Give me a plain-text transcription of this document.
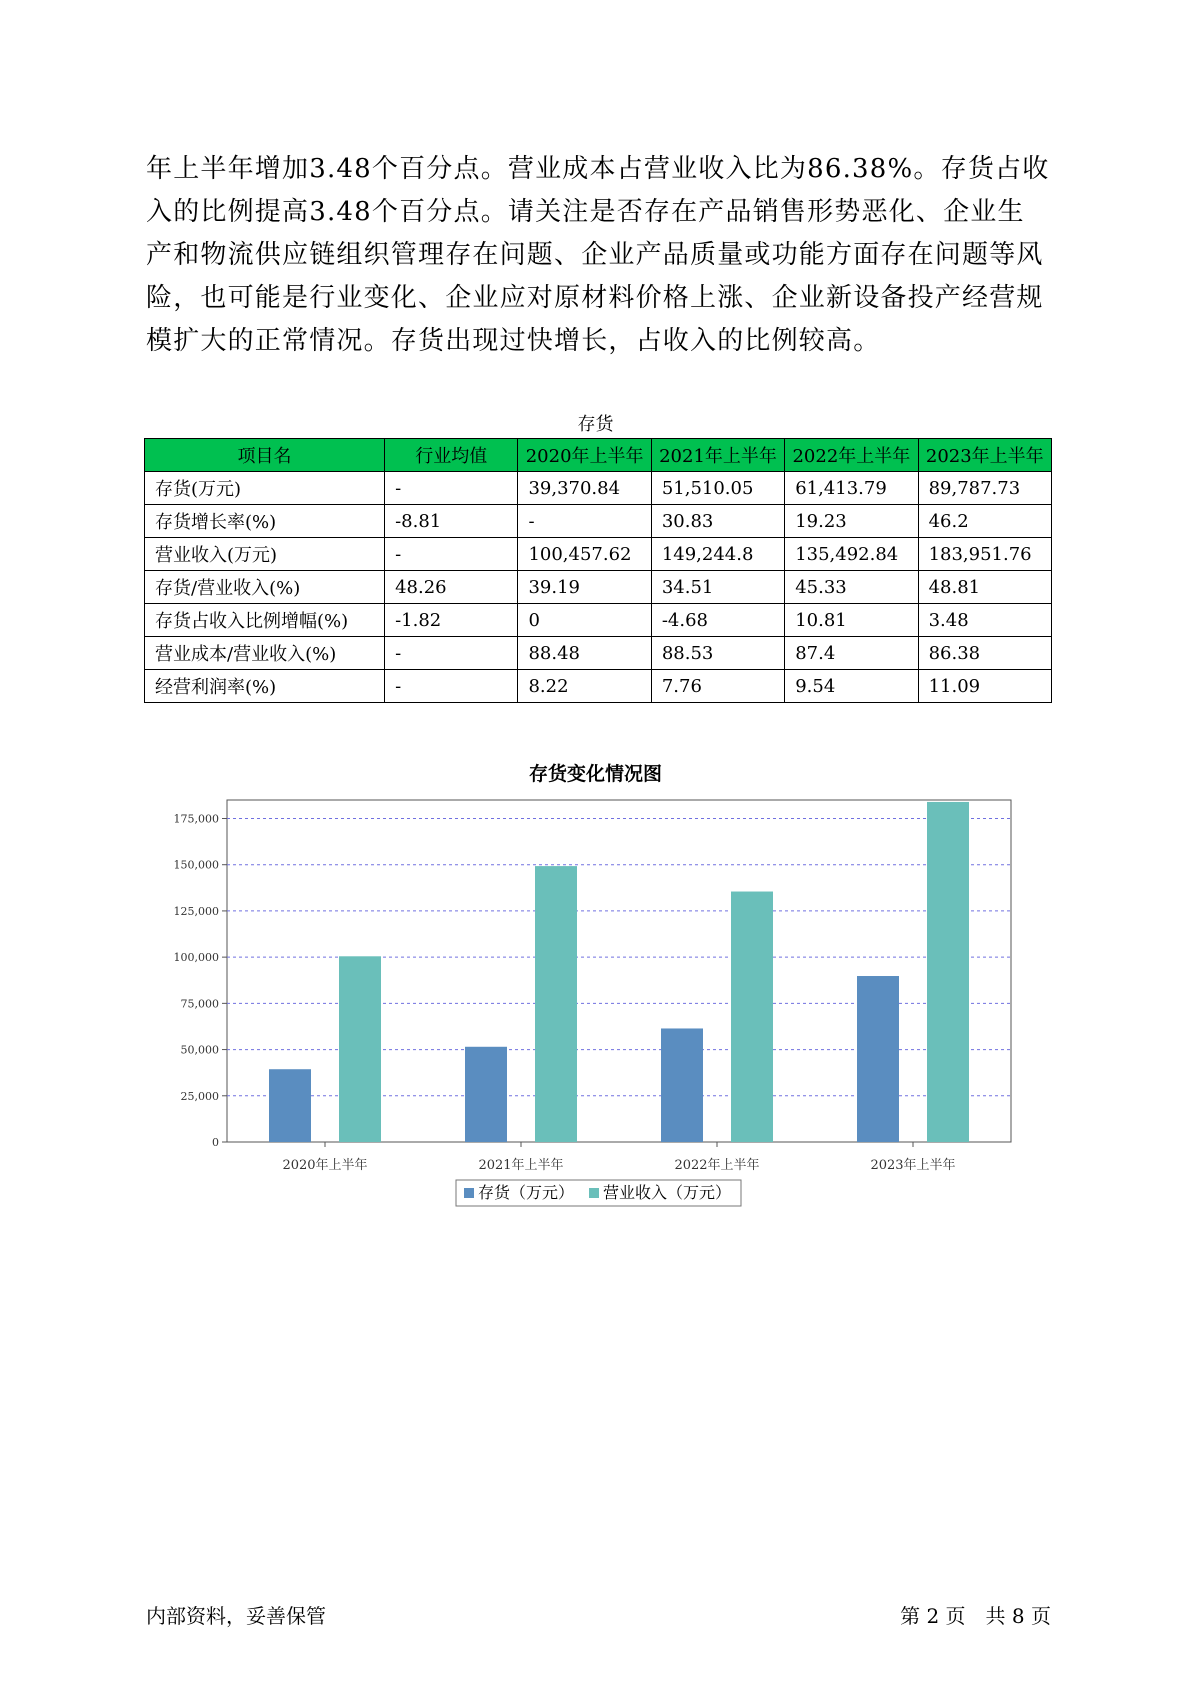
年上半年增加3.48个百分点。营业成本占营业收入比为86.38%。存货占收入的比例提高3.48个百分点。请关注是否存在产品销售形势恶化、企业生产和物流供应链组织管理存在问题、企业产品质量或功能方面存在问题等风险，也可能是行业变化、企业应对原材料价格上涨、企业新设备投产经营规模扩大的正常情况。存货出现过快增长，占收入的比例较高。

存货
项目名	行业均值	2020年上半年	2021年上半年	2022年上半年	2023年上半年
存货(万元)	-	39,370.84	51,510.05	61,413.79	89,787.73
存货增长率(%)	-8.81	-	30.83	19.23	46.2
营业收入(万元)	-	100,457.62	149,244.8	135,492.84	183,951.76
存货/营业收入(%)	48.26	39.19	34.51	45.33	48.81
存货占收入比例增幅(%)	-1.82	0	-4.68	10.81	3.48
营业成本/营业收入(%)	-	88.48	88.53	87.4	86.38
经营利润率(%)	-	8.22	7.76	9.54	11.09
存货变化情况图
0
25,000
50,000
75,000
100,000
125,000
150,000
175,000
2020年上半年	2021年上半年	2022年上半年	2023年上半年
存货（万元） 营业收入（万元）
内部资料，妥善保管	第 2 页　共 8 页
